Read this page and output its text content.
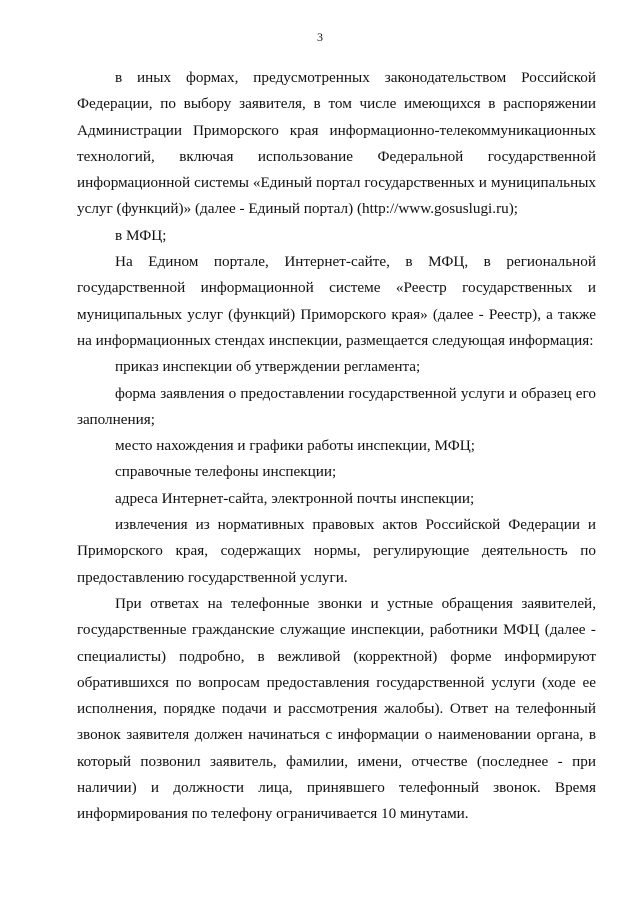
3

в иных формах, предусмотренных законодательством Российской Федерации, по выбору заявителя, в том числе имеющихся в распоряжении Администрации Приморского края информационно-телекоммуникационных технологий, включая использование Федеральной государственной информационной системы «Единый портал государственных и муниципальных услуг (функций)» (далее - Единый портал) (http://www.gosuslugi.ru);

в МФЦ;

На Едином портале, Интернет-сайте, в МФЦ, в региональной государственной информационной системе «Реестр государственных и муниципальных услуг (функций) Приморского края» (далее - Реестр), а также на информационных стендах инспекции, размещается следующая информация:

приказ инспекции об утверждении регламента;

форма заявления о предоставлении государственной услуги и образец его заполнения;

место нахождения и графики работы инспекции, МФЦ;

справочные телефоны инспекции;

адреса Интернет-сайта, электронной почты инспекции;

извлечения из нормативных правовых актов Российской Федерации и Приморского края, содержащих нормы, регулирующие деятельность по предоставлению государственной услуги.

При ответах на телефонные звонки и устные обращения заявителей, государственные гражданские служащие инспекции, работники МФЦ (далее - специалисты) подробно, в вежливой (корректной) форме информируют обратившихся по вопросам предоставления государственной услуги (ходе ее исполнения, порядке подачи и рассмотрения жалобы). Ответ на телефонный звонок заявителя должен начинаться с информации о наименовании органа, в который позвонил заявитель, фамилии, имени, отчестве (последнее - при наличии) и должности лица, принявшего телефонный звонок. Время информирования по телефону ограничивается 10 минутами.
